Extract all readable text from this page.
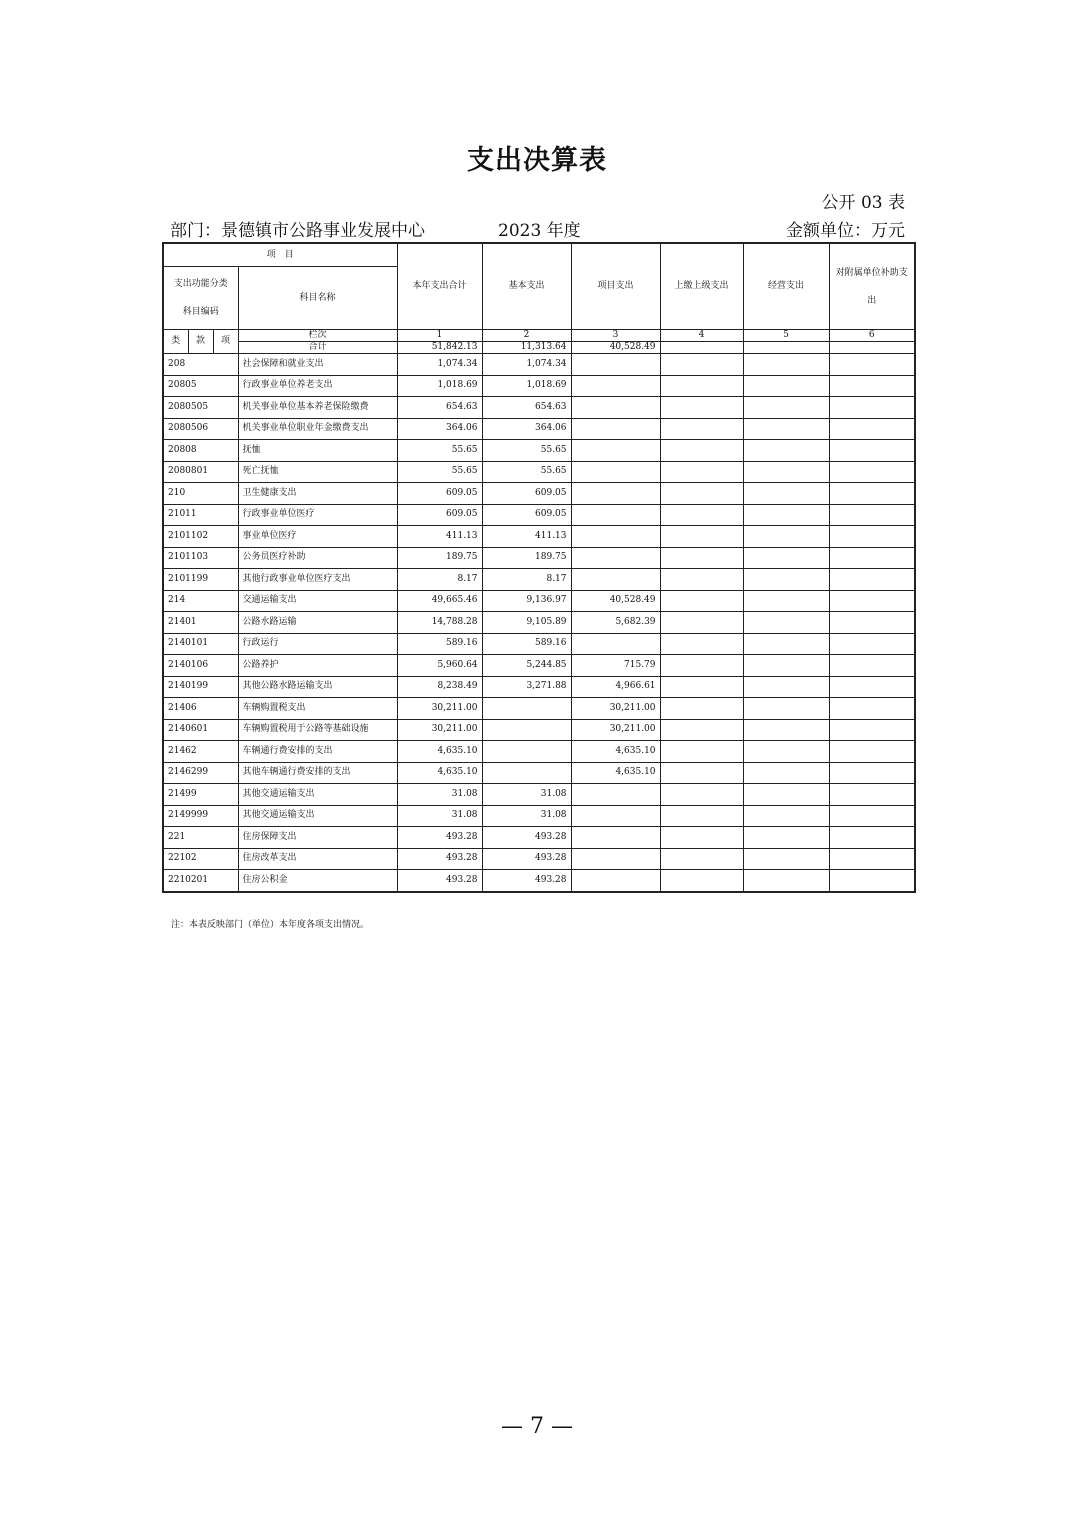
支出决算表
公开 03 表
部门：景德镇市公路事业发展中心	2023 年度	金额单位：万元
项　目				本年支出合计	基本支出	项目支出	上缴上级支出	经营支出	对附属单位补助支出
支出功能分类
科目编码			科目名称						
类	款	项	栏次	1	2	3	4	5	6
			合计	51,842.13	11,313.64	40,528.49			
208			社会保障和就业支出	1,074.34	1,074.34				
20805			行政事业单位养老支出	1,018.69	1,018.69				
2080505			机关事业单位基本养老保险缴费	654.63	654.63				
2080506			机关事业单位职业年金缴费支出	364.06	364.06				
20808			抚恤	55.65	55.65				
2080801			死亡抚恤	55.65	55.65				
210			卫生健康支出	609.05	609.05				
21011			行政事业单位医疗	609.05	609.05				
2101102			事业单位医疗	411.13	411.13				
2101103			公务员医疗补助	189.75	189.75				
2101199			其他行政事业单位医疗支出	8.17	8.17				
214			交通运输支出	49,665.46	9,136.97	40,528.49			
21401			公路水路运输	14,788.28	9,105.89	5,682.39			
2140101			行政运行	589.16	589.16				
2140106			公路养护	5,960.64	5,244.85	715.79			
2140199			其他公路水路运输支出	8,238.49	3,271.88	4,966.61			
21406			车辆购置税支出	30,211.00		30,211.00			
2140601			车辆购置税用于公路等基础设施	30,211.00		30,211.00			
21462			车辆通行费安排的支出	4,635.10		4,635.10			
2146299			其他车辆通行费安排的支出	4,635.10		4,635.10			
21499			其他交通运输支出	31.08	31.08				
2149999			其他交通运输支出	31.08	31.08				
221			住房保障支出	493.28	493.28				
22102			住房改革支出	493.28	493.28				
2210201			住房公积金	493.28	493.28				
注：本表反映部门（单位）本年度各项支出情况。
— 7 —
